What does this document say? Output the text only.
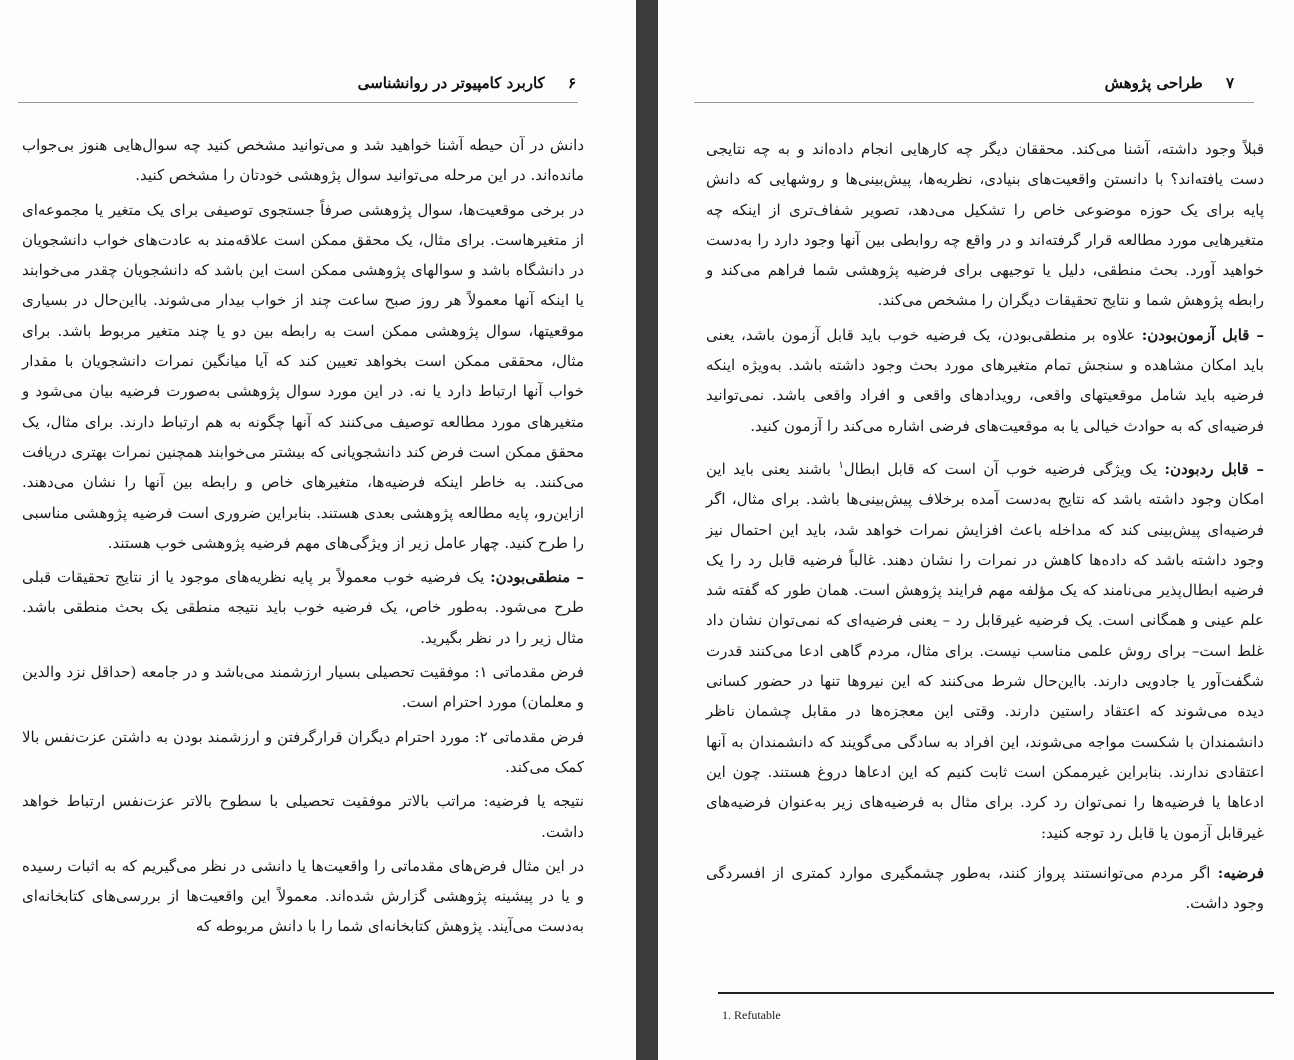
۶ کاربرد کامپیوتر در روانشناسی

دانش در آن حیطه آشنا خواهید شد و می‌توانید مشخص کنید چه سوال‌هایی هنوز بی‌جواب مانده‌اند. در این مرحله می‌توانید سوال پژوهشی خودتان را مشخص کنید.

در برخی موقعیت‌ها، سوال پژوهشی صرفاً جستجوی توصیفی برای یک متغیر یا مجموعه‌ای از متغیرهاست. برای مثال، یک محقق ممکن است علاقه‌مند به عادت‌های خواب دانشجویان در دانشگاه باشد و سوالهای پژوهشی ممکن است این باشد که دانشجویان چقدر می‌خوابند یا اینکه آنها معمولاً هر روز صبح ساعت چند از خواب بیدار می‌شوند. بااین‌حال در بسیاری موقعیتها، سوال پژوهشی ممکن است به رابطه بین دو یا چند متغیر مربوط باشد. برای مثال، محققی ممکن است بخواهد تعیین کند که آیا میانگین نمرات دانشجویان با مقدار خواب آنها ارتباط دارد یا نه. در این مورد سوال پژوهشی به‌صورت فرضیه بیان می‌شود و متغیرهای مورد مطالعه توصیف می‌کنند که آنها چگونه به هم ارتباط دارند. برای مثال، یک محقق ممکن است فرض کند دانشجویانی که بیشتر می‌خوابند همچنین نمرات بهتری دریافت می‌کنند. به خاطر اینکه فرضیه‌ها، متغیرهای خاص و رابطه بین آنها را نشان می‌دهند. ازاین‌رو، پایه مطالعه پژوهشی بعدی هستند. بنابراین ضروری است فرضیه پژوهشی مناسبی را طرح کنید. چهار عامل زیر از ویژگی‌های مهم فرضیه پژوهشی خوب هستند.

– منطقی‌بودن: یک فرضیه خوب معمولاً بر پایه نظریه‌های موجود یا از نتایج تحقیقات قبلی طرح می‌شود. به‌طور خاص، یک فرضیه خوب باید نتیجه منطقی یک بحث منطقی باشد. مثال زیر را در نظر بگیرید.

فرض مقدماتی ۱: موفقیت تحصیلی بسیار ارزشمند می‌باشد و در جامعه (حداقل نزد والدین و معلمان) مورد احترام است.

فرض مقدماتی ۲: مورد احترام دیگران قرارگرفتن و ارزشمند بودن به داشتن عزت‌نفس بالا کمک می‌کند.

نتیجه یا فرضیه: مراتب بالاتر موفقیت تحصیلی با سطوح بالاتر عزت‌نفس ارتباط خواهد داشت.

در این مثال فرض‌های مقدماتی را واقعیت‌ها یا دانشی در نظر می‌گیریم که به اثبات رسیده و یا در پیشینه پژوهشی گزارش شده‌اند. معمولاً این واقعیت‌ها از بررسی‌های کتابخانه‌ای به‌دست می‌آیند. پژوهش کتابخانه‌ای شما را با دانش مربوطه که

۷ طراحی پژوهش

قبلاً وجود داشته، آشنا می‌کند. محققان دیگر چه کارهایی انجام داده‌اند و به چه نتایجی دست یافته‌اند؟ با دانستن واقعیت‌های بنیادی، نظریه‌ها، پیش‌بینی‌ها و روشهایی که دانش پایه برای یک حوزه موضوعی خاص را تشکیل می‌دهد، تصویر شفاف‌تری از اینکه چه متغیرهایی مورد مطالعه قرار گرفته‌اند و در واقع چه روابطی بین آنها وجود دارد را به‌دست خواهید آورد. بحث منطقی، دلیل یا توجیهی برای فرضیه پژوهشی شما فراهم می‌کند و رابطه پژوهش شما و نتایج تحقیقات دیگران را مشخص می‌کند.

– قابل آزمون‌بودن: علاوه بر منطقی‌بودن، یک فرضیه خوب باید قابل آزمون باشد، یعنی باید امکان مشاهده و سنجش تمام متغیرهای مورد بحث وجود داشته باشد. به‌ویژه اینکه فرضیه باید شامل موقعیتهای واقعی، رویدادهای واقعی و افراد واقعی باشد. نمی‌توانید فرضیه‌ای که به حوادث خیالی یا به موقعیت‌های فرضی اشاره می‌کند را آزمون کنید.

– قابل ردبودن: یک ویژگی فرضیه خوب آن است که قابل ابطال$^۱$ باشند یعنی باید این امکان وجود داشته باشد که نتایج به‌دست آمده برخلاف پیش‌بینی‌ها باشد. برای مثال، اگر فرضیه‌ای پیش‌بینی کند که مداخله باعث افزایش نمرات خواهد شد، باید این احتمال نیز وجود داشته باشد که داده‌ها کاهش در نمرات را نشان دهند. غالباً فرضیه قابل رد را یک فرضیه ابطال‌پذیر می‌نامند که یک مؤلفه مهم فرایند پژوهش است. همان طور که گفته شد علم عینی و همگانی است. یک فرضیه غیرقابل رد – یعنی فرضیه‌ای که نمی‌توان نشان داد غلط است– برای روش علمی مناسب نیست. برای مثال، مردم گاهی ادعا می‌کنند قدرت شگفت‌آور یا جادویی دارند. بااین‌حال شرط می‌کنند که این نیروها تنها در حضور کسانی دیده می‌شوند که اعتقاد راستین دارند. وقتی این معجزه‌ها در مقابل چشمان ناظر دانشمندان با شکست مواجه می‌شوند، این افراد به سادگی می‌گویند که دانشمندان به آنها اعتقادی ندارند. بنابراین غیرممکن است ثابت کنیم که این ادعاها دروغ هستند. چون این ادعاها یا فرضیه‌ها را نمی‌توان رد کرد. برای مثال به فرضیه‌های زیر به‌عنوان فرضیه‌های غیرقابل آزمون یا قابل رد توجه کنید:

فرضیه: اگر مردم می‌توانستند پرواز کنند، به‌طور چشمگیری موارد کمتری از افسردگی وجود داشت.

1. Refutable
